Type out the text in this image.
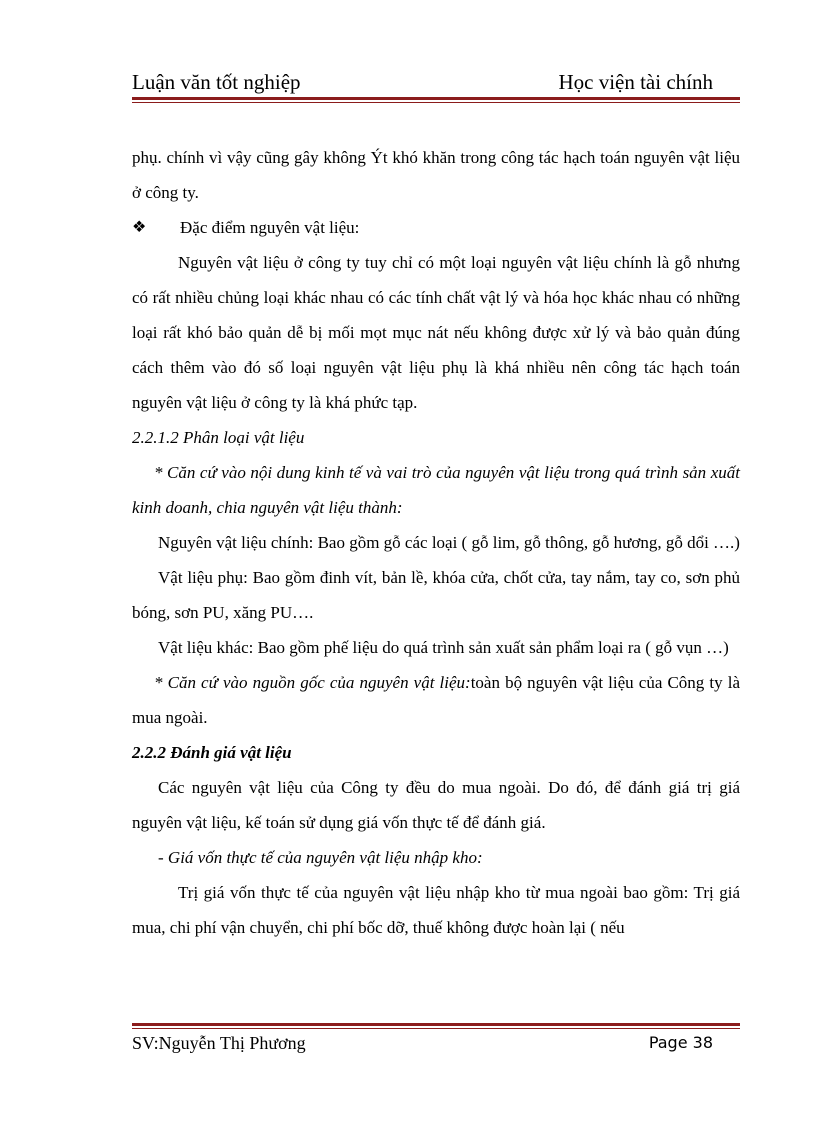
Luận văn tốt nghiệp	Học viện tài chính

phụ. chính vì vậy cũng gây không Ýt khó khăn trong công tác hạch toán nguyên vật liệu ở công ty.

❖	Đặc điểm nguyên vật liệu:

Nguyên vật liệu ở công ty tuy chỉ có một loại nguyên vật liệu chính là gỗ nhưng có rất nhiều chủng loại khác nhau có các tính chất vật lý và hóa học khác nhau có những loại rất khó bảo quản dễ bị mối mọt mục nát nếu không được xử lý và bảo quản đúng cách thêm vào đó số loại nguyên vật liệu phụ là khá nhiều nên công tác hạch toán nguyên vật liệu ở công ty là khá phức tạp.

2.2.1.2 Phân loại vật liệu

* Căn cứ vào nội dung kinh tế và vai trò của nguyên vật liệu trong quá trình sản xuất kinh doanh, chia nguyên vật liệu thành:

Nguyên vật liệu chính: Bao gồm gỗ các loại ( gỗ lim, gỗ thông, gỗ hương, gỗ dổi ….)

Vật liệu phụ: Bao gồm đinh vít, bản lề, khóa cửa, chốt cửa, tay nắm, tay co, sơn phủ bóng, sơn PU, xăng PU….

Vật liệu khác: Bao gồm phế liệu do quá trình sản xuất sản phẩm loại ra ( gỗ vụn …)

* Căn cứ vào nguồn gốc của nguyên vật liệu:toàn bộ nguyên vật liệu của Công ty là mua ngoài.

2.2.2 Đánh giá vật liệu

Các nguyên vật liệu của Công ty đều do mua ngoài. Do đó, để đánh giá trị giá nguyên vật liệu, kế toán sử dụng giá vốn thực tế để đánh giá.

- Giá vốn thực tế của nguyên vật liệu nhập kho:

Trị giá vốn thực tế của nguyên vật liệu nhập kho từ mua ngoài bao gồm: Trị giá mua, chi phí vận chuyển, chi phí bốc dỡ, thuế không được hoàn lại ( nếu

SV:Nguyễn Thị Phương	Page 38
